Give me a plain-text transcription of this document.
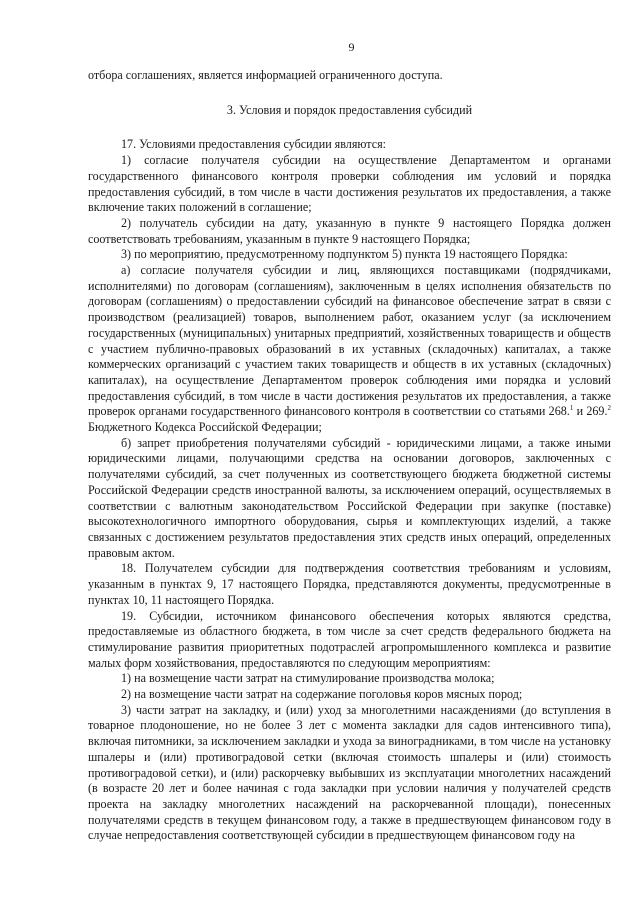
9

отбора соглашениях, является информацией ограниченного доступа.

3. Условия и порядок предоставления субсидий

17. Условиями предоставления субсидии являются:

1) согласие получателя субсидии на осуществление Департаментом и органами государственного финансового контроля проверки соблюдения им условий и порядка предоставления субсидий, в том числе в части достижения результатов их предоставления, а также включение таких положений в соглашение;

2) получатель субсидии на дату, указанную в пункте 9 настоящего Порядка должен соответствовать требованиям, указанным в пункте 9 настоящего Порядка;

3) по мероприятию, предусмотренному подпунктом 5) пункта 19 настоящего Порядка:

а) согласие получателя субсидии и лиц, являющихся поставщиками (подрядчиками, исполнителями) по договорам (соглашениям), заключенным в целях исполнения обязательств по договорам (соглашениям) о предоставлении субсидий на финансовое обеспечение затрат в связи с производством (реализацией) товаров, выполнением работ, оказанием услуг (за исключением государственных (муниципальных) унитарных предприятий, хозяйственных товариществ и обществ с участием публично-правовых образований в их уставных (складочных) капиталах, а также коммерческих организаций с участием таких товариществ и обществ в их уставных (складочных) капиталах), на осуществление Департаментом проверок соблюдения ими порядка и условий предоставления субсидий, в том числе в части достижения результатов их предоставления, а также проверок органами государственного финансового контроля в соответствии со статьями 268.$^1$ и 269.$^2$ Бюджетного Кодекса Российской Федерации;

б) запрет приобретения получателями субсидий - юридическими лицами, а также иными юридическими лицами, получающими средства на основании договоров, заключенных с получателями субсидий, за счет полученных из соответствующего бюджета бюджетной системы Российской Федерации средств иностранной валюты, за исключением операций, осуществляемых в соответствии с валютным законодательством Российской Федерации при закупке (поставке) высокотехнологичного импортного оборудования, сырья и комплектующих изделий, а также связанных с достижением результатов предоставления этих средств иных операций, определенных правовым актом.

18. Получателем субсидии для подтверждения соответствия требованиям и условиям, указанным в пунктах 9, 17 настоящего Порядка, представляются документы, предусмотренные в пунктах 10, 11 настоящего Порядка.

19. Субсидии, источником финансового обеспечения которых являются средства, предоставляемые из областного бюджета, в том числе за счет средств федерального бюджета на стимулирование развития приоритетных подотраслей агропромышленного комплекса и развитие малых форм хозяйствования, предоставляются по следующим мероприятиям:

1) на возмещение части затрат на стимулирование производства молока;

2) на возмещение части затрат на содержание поголовья коров мясных пород;

3) части затрат на закладку, и (или) уход за многолетними насаждениями (до вступления в товарное плодоношение, но не более 3 лет с момента закладки для садов интенсивного типа), включая питомники, за исключением закладки и ухода за виноградниками, в том числе на установку шпалеры и (или) противоградовой сетки (включая стоимость шпалеры и (или) стоимость противоградовой сетки), и (или) раскорчевку выбывших из эксплуатации многолетних насаждений (в возрасте 20 лет и более начиная с года закладки при условии наличия у получателей средств проекта на закладку многолетних насаждений на раскорчеванной площади), понесенных получателями средств в текущем финансовом году, а также в предшествующем финансовом году в случае непредоставления соответствующей субсидии в предшествующем финансовом году на
